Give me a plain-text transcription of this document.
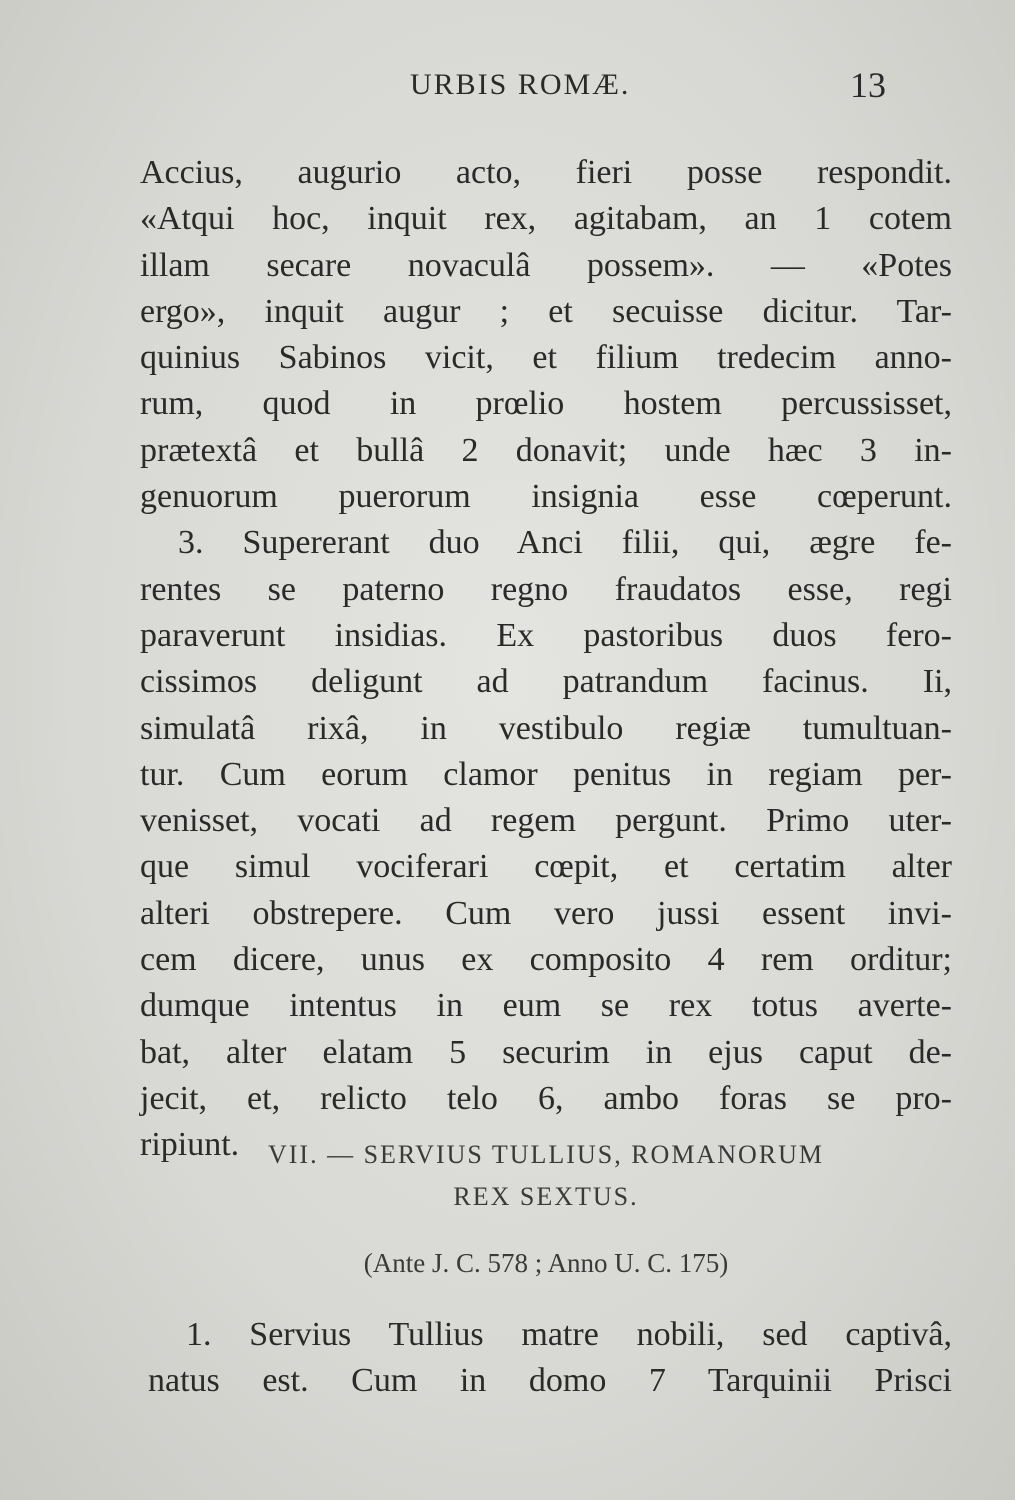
URBIS ROMÆ.	13
Accius, augurio acto, fieri posse respondit.
«Atqui hoc, inquit rex, agitabam, an 1 cotem
illam secare novaculâ possem». — «Potes
ergo», inquit augur ; et secuisse dicitur. Tar-
quinius Sabinos vicit, et filium tredecim anno-
rum, quod in prœlio hostem percussisset,
prætextâ et bullâ 2 donavit; unde hæc 3 in-
genuorum puerorum insignia esse cœperunt.
3. Supererant duo Anci filii, qui, ægre fe-
rentes se paterno regno fraudatos esse, regi
paraverunt insidias. Ex pastoribus duos fero-
cissimos deligunt ad patrandum facinus. Ii,
simulatâ rixâ, in vestibulo regiæ tumultuan-
tur. Cum eorum clamor penitus in regiam per-
venisset, vocati ad regem pergunt. Primo uter-
que simul vociferari cœpit, et certatim alter
alteri obstrepere. Cum vero jussi essent invi-
cem dicere, unus ex composito 4 rem orditur;
dumque intentus in eum se rex totus averte-
bat, alter elatam 5 securim in ejus caput de-
jecit, et, relicto telo 6, ambo foras se pro-
ripiunt.	VII. — SERVIUS TULLIUS, ROMANORUM
REX SEXTUS.
(Ante J. C. 578 ; Anno U. C. 175)
1. Servius Tullius matre nobili, sed captivâ,
natus est. Cum in domo 7 Tarquinii Prisci
